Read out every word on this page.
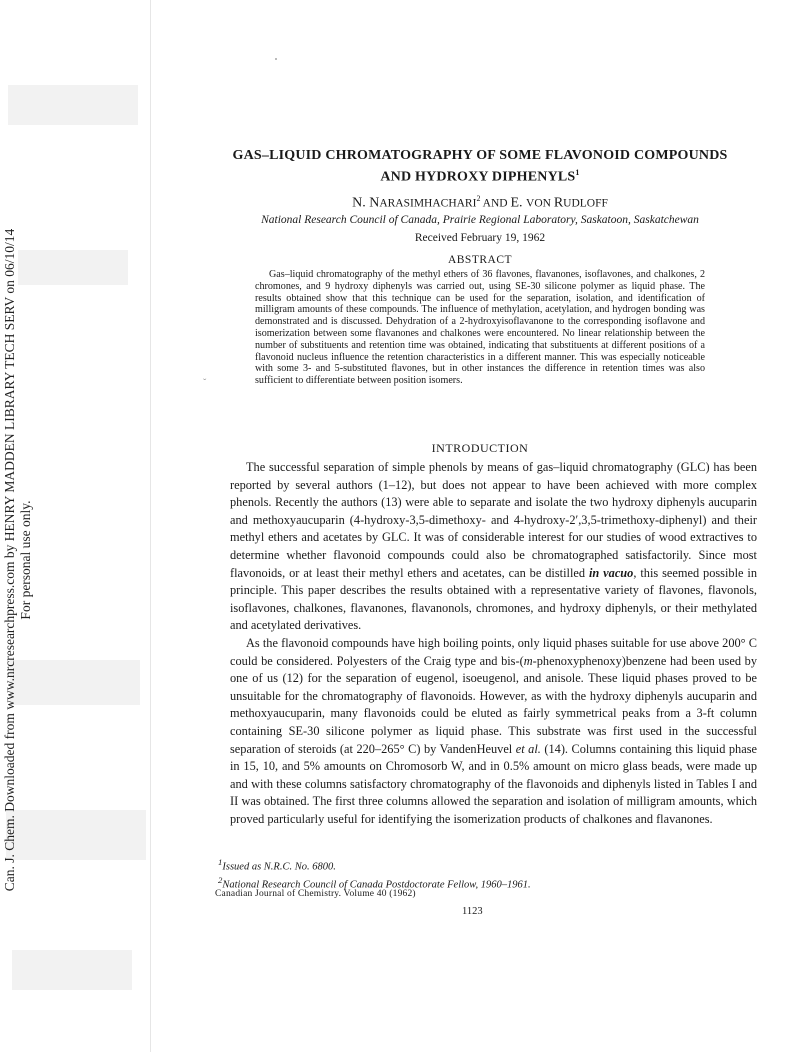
Can. J. Chem. Downloaded from www.nrcresearchpress.com by HENRY MADDEN LIBRARY TECH SERV on 06/10/14 For personal use only.
ˇ
GAS–LIQUID CHROMATOGRAPHY OF SOME FLAVONOID COMPOUNDS
AND HYDROXY DIPHENYLS$^1$
N. NARASIMHACHARI$^2$ AND E. VON RUDLOFF
National Research Council of Canada, Prairie Regional Laboratory, Saskatoon, Saskatchewan
Received February 19, 1962
ABSTRACT
Gas–liquid chromatography of the methyl ethers of 36 flavones, flavanones, isoflavones, and chalkones, 2 chromones, and 9 hydroxy diphenyls was carried out, using SE-30 silicone polymer as liquid phase. The results obtained show that this technique can be used for the separation, isolation, and identification of milligram amounts of these compounds. The influence of methylation, acetylation, and hydrogen bonding was demonstrated and is discussed. Dehydration of a 2-hydroxyisoflavanone to the corresponding isoflavone and isomerization between some flavanones and chalkones were encountered. No linear relationship between the number of substituents and retention time was obtained, indicating that substituents at different positions of a flavonoid nucleus influence the retention characteristics in a different manner. This was especially noticeable with some 3- and 5-substituted flavones, but in other instances the difference in retention times was also sufficient to differentiate between position isomers.
INTRODUCTION

The successful separation of simple phenols by means of gas–liquid chromatography (GLC) has been reported by several authors (1–12), but does not appear to have been achieved with more complex phenols. Recently the authors (13) were able to separate and isolate the two hydroxy diphenyls aucuparin and methoxyaucuparin (4-hydroxy-3,5-dimethoxy- and 4-hydroxy-2′,3,5-trimethoxy-diphenyl) and their methyl ethers and acetates by GLC. It was of considerable interest for our studies of wood extractives to determine whether flavonoid compounds could also be chromatographed satisfactorily. Since most flavonoids, or at least their methyl ethers and acetates, can be distilled in vacuo, this seemed possible in principle. This paper describes the results obtained with a representative variety of flavones, flavonols, isoflavones, chalkones, flavanones, flavanonols, chromones, and hydroxy diphenyls, or their methylated and acetylated derivatives.

As the flavonoid compounds have high boiling points, only liquid phases suitable for use above 200° C could be considered. Polyesters of the Craig type and bis-(m-phenoxyphenoxy)benzene had been used by one of us (12) for the separation of eugenol, isoeugenol, and anisole. These liquid phases proved to be unsuitable for the chromatography of flavonoids. However, as with the hydroxy diphenyls aucuparin and methoxyaucuparin, many flavonoids could be eluted as fairly symmetrical peaks from a 3-ft column containing SE-30 silicone polymer as liquid phase. This substrate was first used in the successful separation of steroids (at 220–265° C) by VandenHeuvel et al. (14). Columns containing this liquid phase in 15, 10, and 5% amounts on Chromosorb W, and in 0.5% amount on micro glass beads, were made up and with these columns satisfactory chromatography of the flavonoids and diphenyls listed in Tables I and II was obtained. The first three columns allowed the separation and isolation of milligram amounts, which proved particularly useful for identifying the isomerization products of chalkones and flavanones.

$^1$Issued as N.R.C. No. 6800.
$^2$National Research Council of Canada Postdoctorate Fellow, 1960–1961.
Canadian Journal of Chemistry. Volume 40 (1962)
1123
